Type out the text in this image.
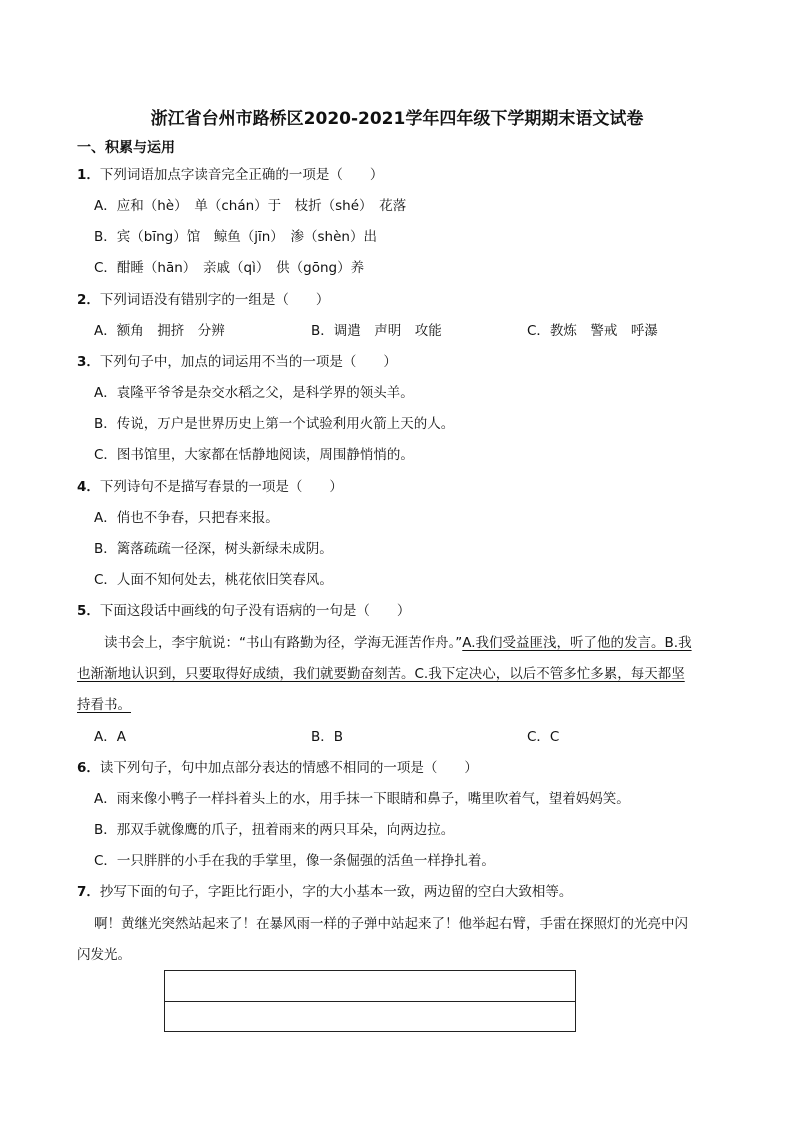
浙江省台州市路桥区2020-2021学年四年级下学期期末语文试卷
一、积累与运用
1．下列词语加点字读音完全正确的一项是（　　）
A．应和（hè）　单（chán）于　枝折（shé）　花落
B．宾（bīng）馆　鲸鱼（jīn）　渗（shèn）出
C．酣睡（hān）　亲戚（qì）　供（gōng）养
2．下列词语没有错别字的一组是（　　）
A．额角　拥挤　分辨	B．调遣　声明　攻能	C．教炼　警戒　呼瀑
3．下列句子中，加点的词运用不当的一项是（　　）
A．袁隆平爷爷是杂交水稻之父，是科学界的领头羊。
B．传说，万户是世界历史上第一个试验利用火箭上天的人。
C．图书馆里，大家都在恬静地阅读，周围静悄悄的。
4．下列诗句不是描写春景的一项是（　　）
A．俏也不争春，只把春来报。
B．篱落疏疏一径深，树头新绿未成阴。
C．人面不知何处去，桃花依旧笑春风。
5．下面这段话中画线的句子没有语病的一句是（　　）
读书会上，李宇航说：“书山有路勤为径，学海无涯苦作舟。”A.我们受益匪浅，听了他的发言。B.我
也渐渐地认识到，只要取得好成绩，我们就要勤奋刻苦。C.我下定决心，以后不管多忙多累，每天都坚
持看书。
A．A	B．B	C．C
6．读下列句子，句中加点部分表达的情感不相同的一项是（　　）
A．雨来像小鸭子一样抖着头上的水，用手抹一下眼睛和鼻子，嘴里吹着气，望着妈妈笑。
B．那双手就像鹰的爪子，扭着雨来的两只耳朵，向两边拉。
C．一只胖胖的小手在我的手掌里，像一条倔强的活鱼一样挣扎着。
7．抄写下面的句子，字距比行距小，字的大小基本一致，两边留的空白大致相等。
啊！黄继光突然站起来了！在暴风雨一样的子弹中站起来了！他举起右臂，手雷在探照灯的光亮中闪
闪发光。
